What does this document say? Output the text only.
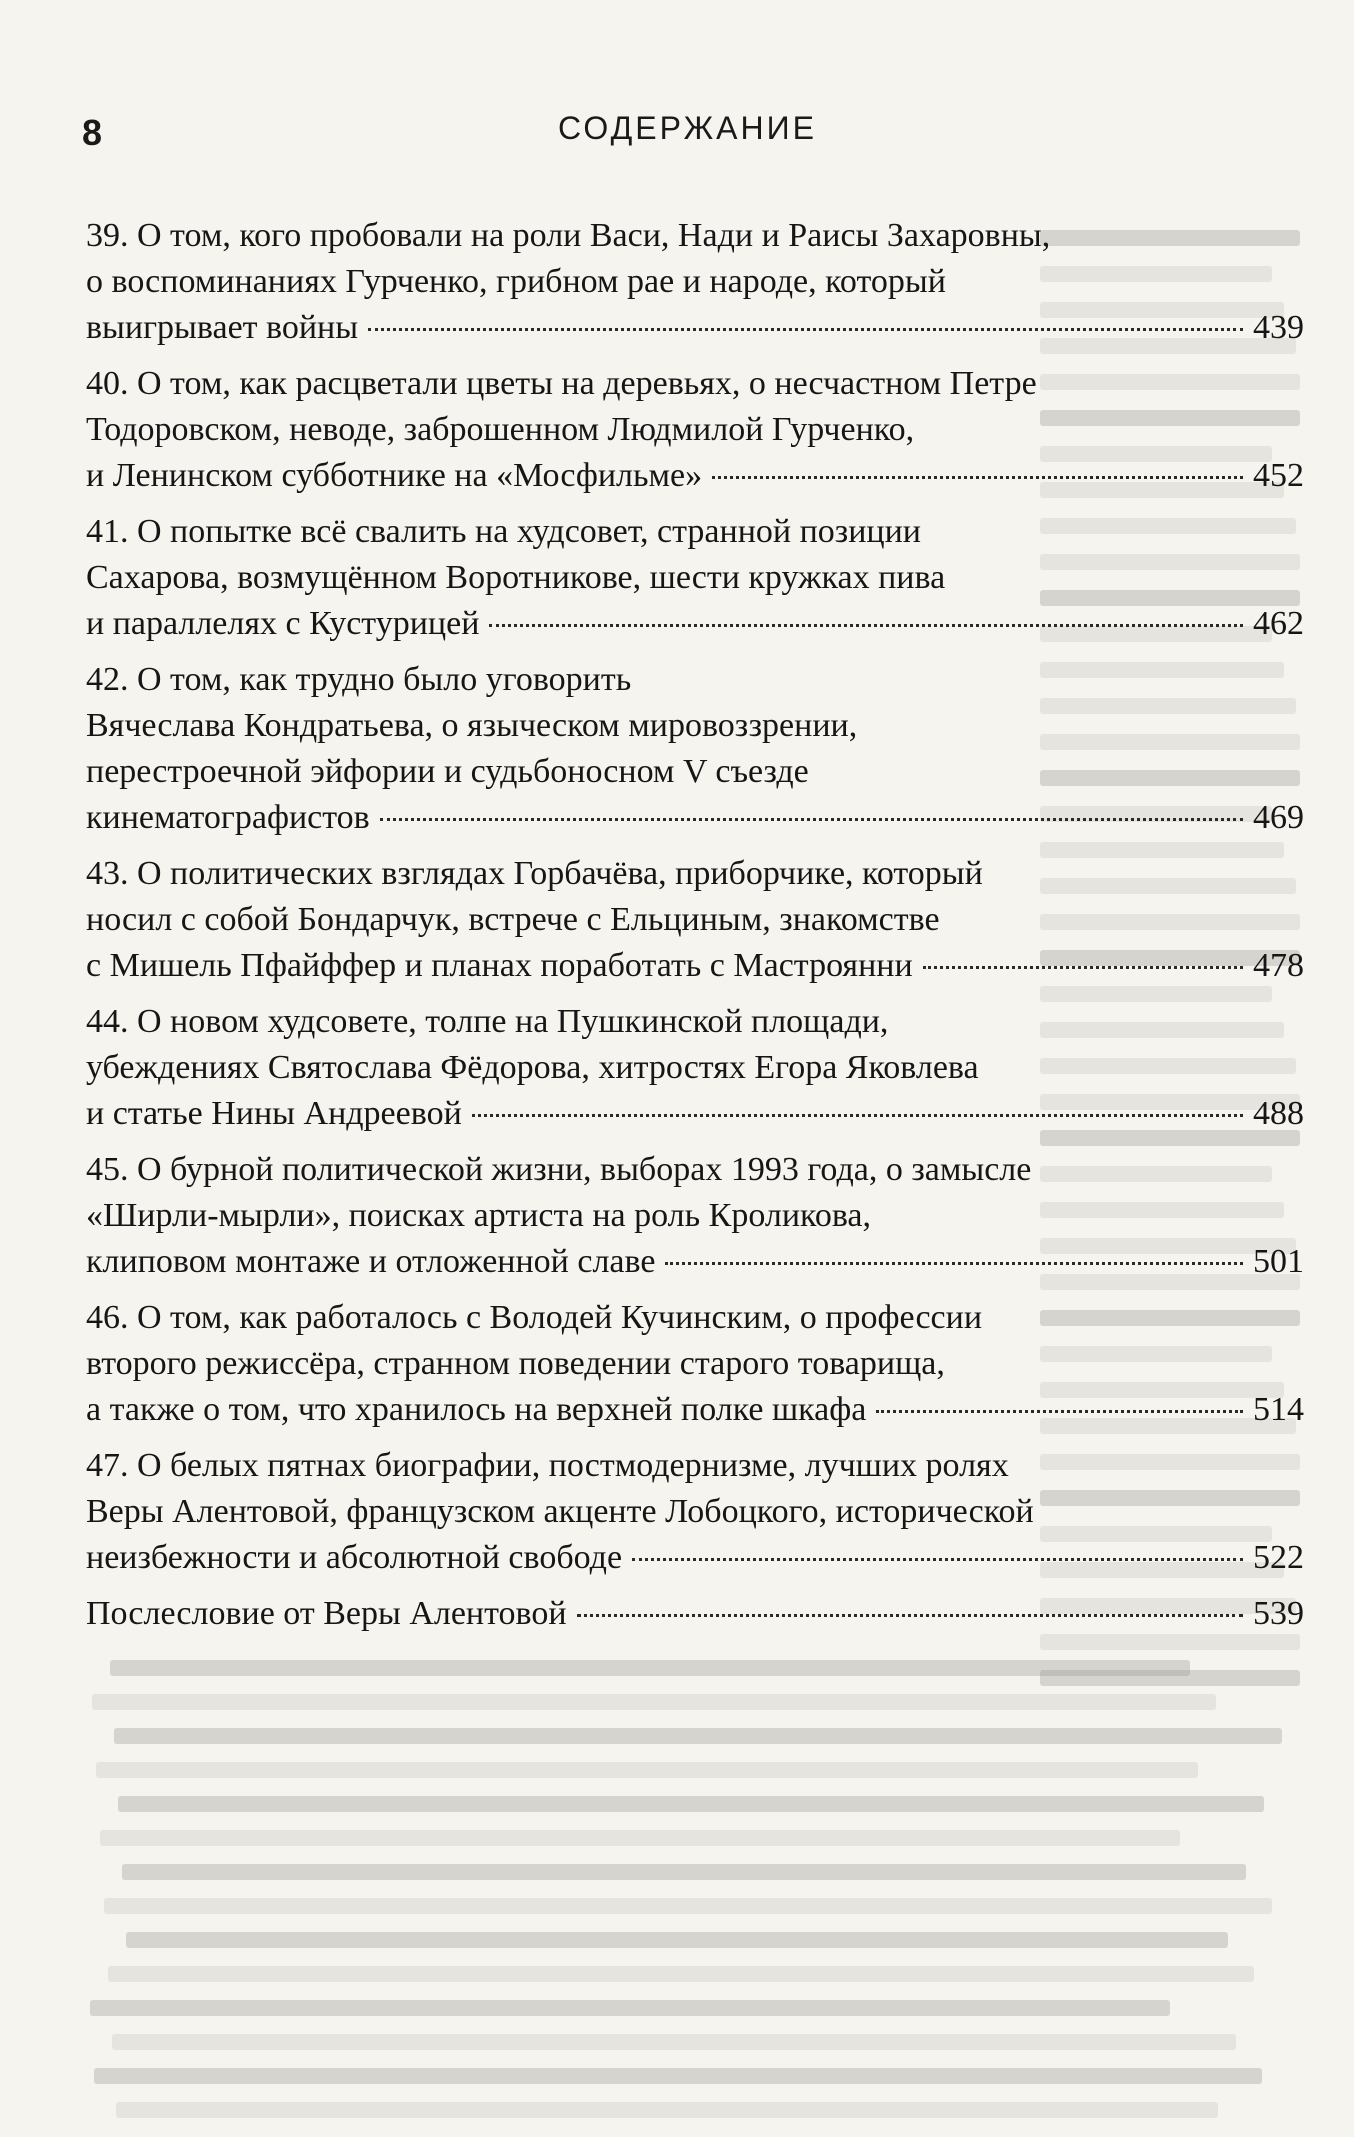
8	СОДЕРЖАНИЕ
39. О том, кого пробовали на роли Васи, Нади и Раисы Захаровны,
о воспоминаниях Гурченко, грибном рае и народе, который
выигрывает войны	439
40. О том, как расцветали цветы на деревьях, о несчастном Петре
Тодоровском, неводе, заброшенном Людмилой Гурченко,
и Ленинском субботнике на «Мосфильме»	452
41. О попытке всё свалить на худсовет, странной позиции
Сахарова, возмущённом Воротникове, шести кружках пива
и параллелях с Кустурицей	462
42. О том, как трудно было уговорить
Вячеслава Кондратьева, о языческом мировоззрении,
перестроечной эйфории и судьбоносном V съезде
кинематографистов	469
43. О политических взглядах Горбачёва, приборчике, который
носил с собой Бондарчук, встрече с Ельциным, знакомстве
с Мишель Пфайффер и планах поработать с Мастроянни	478
44. О новом худсовете, толпе на Пушкинской площади,
убеждениях Святослава Фёдорова, хитростях Егора Яковлева
и статье Нины Андреевой	488
45. О бурной политической жизни, выборах 1993 года, о замысле
«Ширли-мырли», поисках артиста на роль Кроликова,
клиповом монтаже и отложенной славе	501
46. О том, как работалось с Володей Кучинским, о профессии
второго режиссёра, странном поведении старого товарища,
а также о том, что хранилось на верхней полке шкафа	514
47. О белых пятнах биографии, постмодернизме, лучших ролях
Веры Алентовой, французском акценте Лобоцкого, исторической
неизбежности и абсолютной свободе	522
Послесловие от Веры Алентовой	539
